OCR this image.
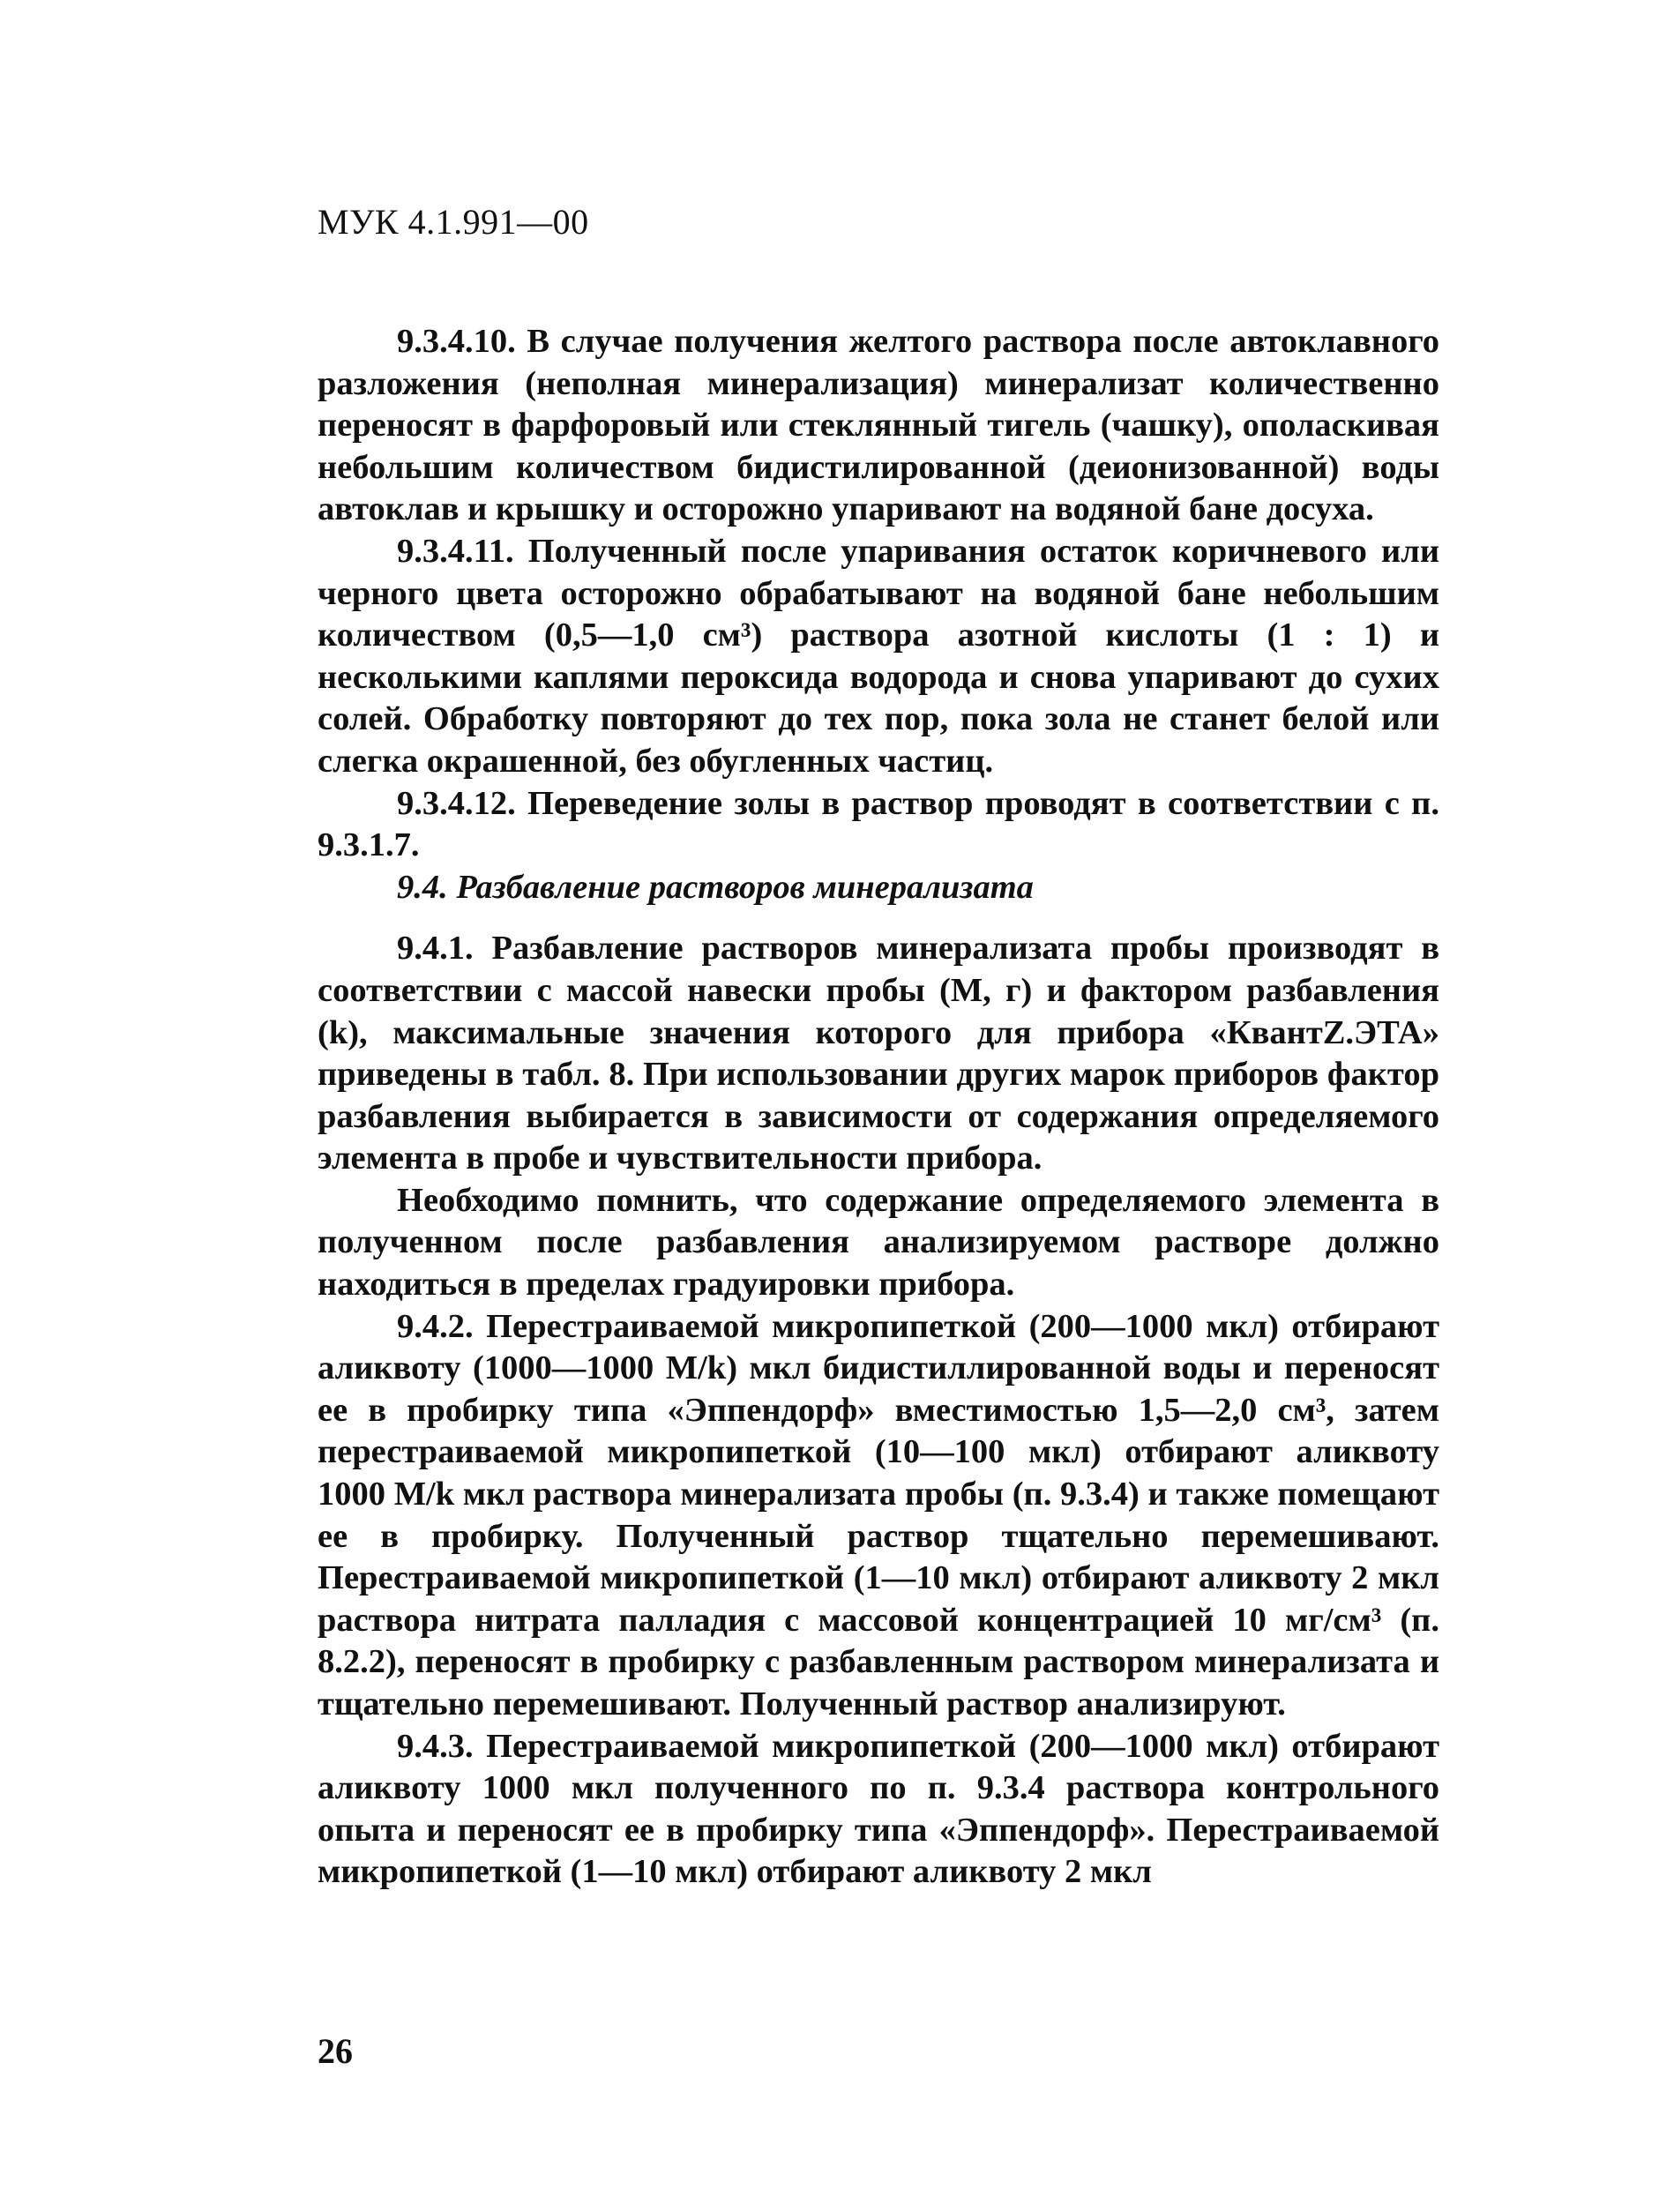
МУК 4.1.991—00

9.3.4.10. В случае получения желтого раствора после автоклавного разложения (неполная минерализация) минерализат количественно переносят в фарфоровый или стеклянный тигель (чашку), ополаскивая небольшим количеством бидистилированной (деионизованной) воды автоклав и крышку и осторожно упаривают на водяной бане досуха.

9.3.4.11. Полученный после упаривания остаток коричневого или черного цвета осторожно обрабатывают на водяной бане небольшим количеством (0,5—1,0 см³) раствора азотной кислоты (1 : 1) и несколькими каплями пероксида водорода и снова упаривают до сухих солей. Обработку повторяют до тех пор, пока зола не станет белой или слегка окрашенной, без обугленных частиц.

9.3.4.12. Переведение золы в раствор проводят в соответствии с п. 9.3.1.7.

9.4. Разбавление растворов минерализата

9.4.1. Разбавление растворов минерализата пробы производят в соответствии с массой навески пробы (M, г) и фактором разбавления (k), максимальные значения которого для прибора «КвантZ.ЭТА» приведены в табл. 8. При использовании других марок приборов фактор разбавления выбирается в зависимости от содержания определяемого элемента в пробе и чувствительности прибора.

Необходимо помнить, что содержание определяемого элемента в полученном после разбавления анализируемом растворе должно находиться в пределах градуировки прибора.

9.4.2. Перестраиваемой микропипеткой (200—1000 мкл) отбирают аликвоту (1000—1000 M/k) мкл бидистиллированной воды и переносят ее в пробирку типа «Эппендорф» вместимостью 1,5—2,0 см³, затем перестраиваемой микропипеткой (10—100 мкл) отбирают аликвоту 1000 M/k мкл раствора минерализата пробы (п. 9.3.4) и также помещают ее в пробирку. Полученный раствор тщательно перемешивают. Перестраиваемой микропипеткой (1—10 мкл) отбирают аликвоту 2 мкл раствора нитрата палладия с массовой концентрацией 10 мг/см³ (п. 8.2.2), переносят в пробирку с разбавленным раствором минерализата и тщательно перемешивают. Полученный раствор анализируют.

9.4.3. Перестраиваемой микропипеткой (200—1000 мкл) отбирают аликвоту 1000 мкл полученного по п. 9.3.4 раствора контрольного опыта и переносят ее в пробирку типа «Эппендорф». Перестраиваемой микропипеткой (1—10 мкл) отбирают аликвоту 2 мкл

26
